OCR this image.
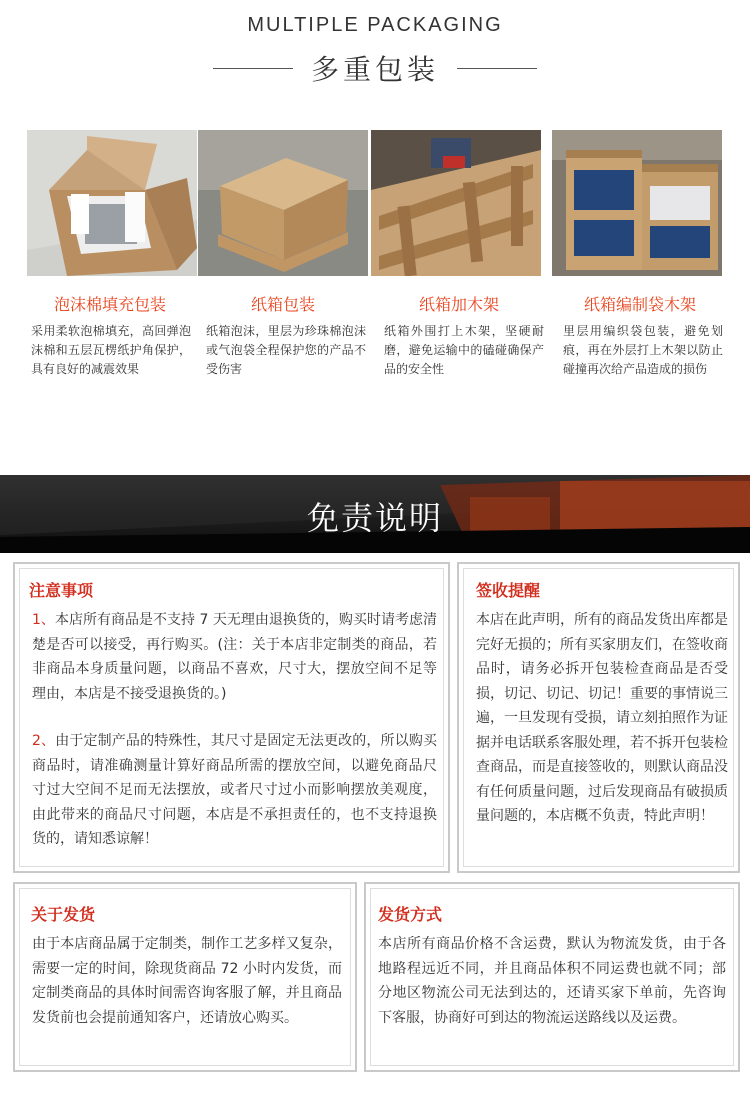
MULTIPLE PACKAGING
多重包装
泡沫棉填充包装	纸箱包装	纸箱加木架	纸箱编制袋木架
采用柔软泡棉填充，高回弹泡沫棉和五层瓦楞纸护角保护，具有良好的减震效果
纸箱泡沫，里层为珍珠棉泡沫或气泡袋全程保护您的产品不受伤害
纸箱外围打上木架，坚硬耐磨，避免运输中的磕碰确保产品的安全性
里层用编织袋包装，避免划痕，再在外层打上木架以防止碰撞再次给产品造成的损伤
免责说明
注意事项
1、本店所有商品是不支持 7 天无理由退换货的，购买时请考虑清楚是否可以接受，再行购买。(注：关于本店非定制类的商品，若非商品本身质量问题，以商品不喜欢，尺寸大，摆放空间不足等理由，本店是不接受退换货的。)
2、由于定制产品的特殊性，其尺寸是固定无法更改的，所以购买商品时，请准确测量计算好商品所需的摆放空间，以避免商品尺寸过大空间不足而无法摆放，或者尺寸过小而影响摆放美观度，由此带来的商品尺寸问题，本店是不承担责任的，也不支持退换货的，请知悉谅解！
签收提醒
本店在此声明，所有的商品发货出库都是完好无损的；所有买家朋友们，在签收商品时，请务必拆开包装检查商品是否受损，切记、切记、切记！重要的事情说三遍，一旦发现有受损，请立刻拍照作为证据并电话联系客服处理，若不拆开包装检查商品，而是直接签收的，则默认商品没有任何质量问题，过后发现商品有破损质量问题的，本店概不负责，特此声明！
关于发货
由于本店商品属于定制类，制作工艺多样又复杂，需要一定的时间，除现货商品 72 小时内发货，而定制类商品的具体时间需咨询客服了解，并且商品发货前也会提前通知客户，还请放心购买。
发货方式
本店所有商品价格不含运费，默认为物流发货，由于各地路程远近不同，并且商品体积不同运费也就不同；部分地区物流公司无法到达的，还请买家下单前，先咨询下客服，协商好可到达的物流运送路线以及运费。
